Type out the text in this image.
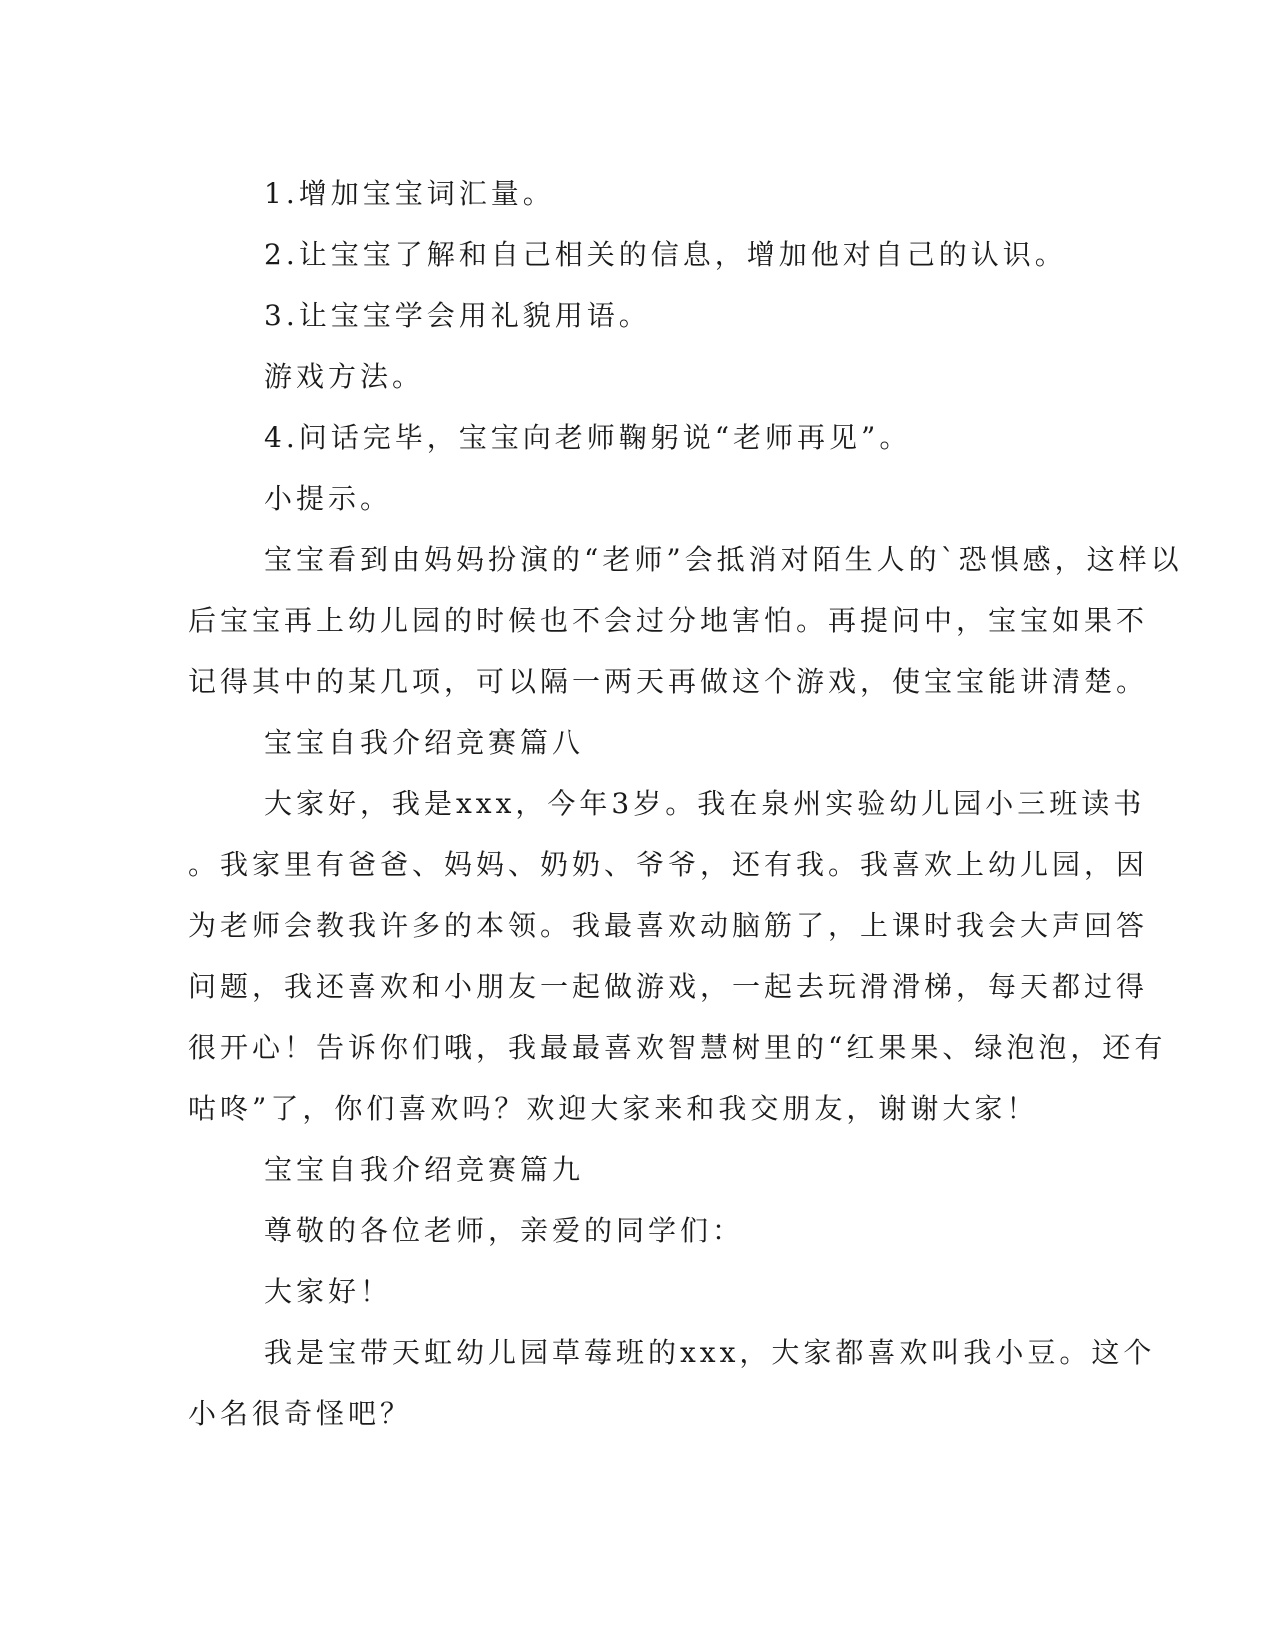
1.增加宝宝词汇量。

2.让宝宝了解和自己相关的信息，增加他对自己的认识。

3.让宝宝学会用礼貌用语。

游戏方法。

4.问话完毕，宝宝向老师鞠躬说“老师再见”。

小提示。

宝宝看到由妈妈扮演的“老师”会抵消对陌生人的`恐惧感，这样以
后宝宝再上幼儿园的时候也不会过分地害怕。再提问中，宝宝如果不
记得其中的某几项，可以隔一两天再做这个游戏，使宝宝能讲清楚。

宝宝自我介绍竞赛篇八

大家好，我是xxx，今年3岁。我在泉州实验幼儿园小三班读书
。我家里有爸爸、妈妈、奶奶、爷爷，还有我。我喜欢上幼儿园，因
为老师会教我许多的本领。我最喜欢动脑筋了，上课时我会大声回答
问题，我还喜欢和小朋友一起做游戏，一起去玩滑滑梯，每天都过得
很开心！告诉你们哦，我最最喜欢智慧树里的“红果果、绿泡泡，还有
咕咚”了，你们喜欢吗？欢迎大家来和我交朋友，谢谢大家！

宝宝自我介绍竞赛篇九

尊敬的各位老师，亲爱的同学们：

大家好！

我是宝带天虹幼儿园草莓班的xxx，大家都喜欢叫我小豆。这个
小名很奇怪吧？
